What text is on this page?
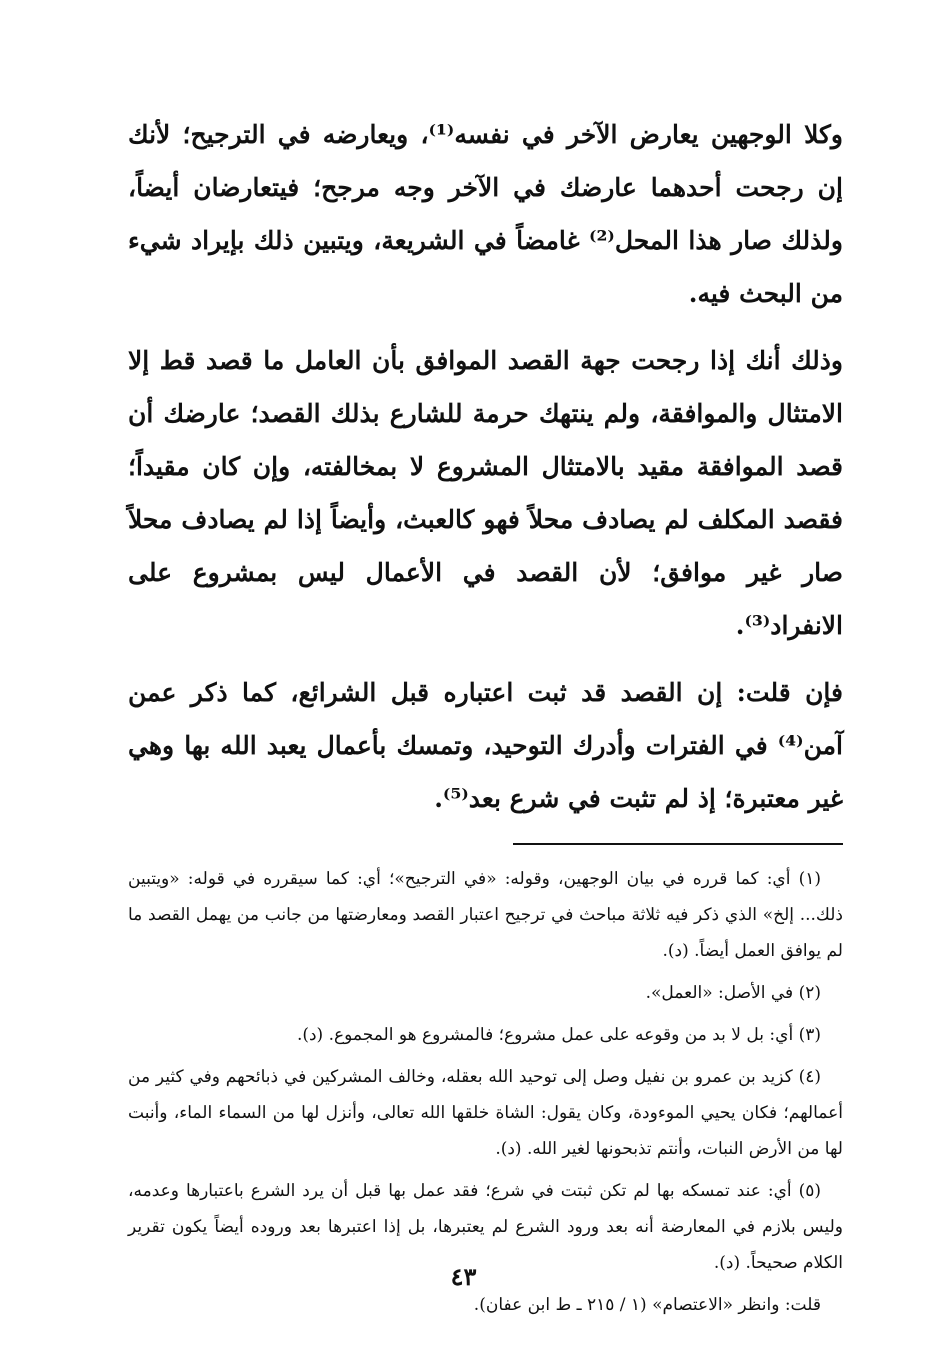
وكلا الوجهين يعارض الآخر في نفسه⁽¹⁾، ويعارضه في الترجيح؛ لأنك إن رجحت أحدهما عارضك في الآخر وجه مرجح؛ فيتعارضان أيضاً، ولذلك صار هذا المحل⁽²⁾ غامضاً في الشريعة، ويتبين ذلك بإيراد شيء من البحث فيه.

وذلك أنك إذا رجحت جهة القصد الموافق بأن العامل ما قصد قط إلا الامتثال والموافقة، ولم ينتهك حرمة للشارع بذلك القصد؛ عارضك أن قصد الموافقة مقيد بالامتثال المشروع لا بمخالفته، وإن كان مقيداً؛ فقصد المكلف لم يصادف محلاً فهو كالعبث، وأيضاً إذا لم يصادف محلاً صار غير موافق؛ لأن القصد في الأعمال ليس بمشروع على الانفراد⁽³⁾.

فإن قلت: إن القصد قد ثبت اعتباره قبل الشرائع، كما ذكر عمن آمن⁽⁴⁾ في الفترات وأدرك التوحيد، وتمسك بأعمال يعبد الله بها وهي غير معتبرة؛ إذ لم تثبت في شرع بعد⁽⁵⁾.

(١) أي: كما قرره في بيان الوجهين، وقوله: «في الترجيح»؛ أي: كما سيقرره في قوله: «ويتبين ذلك... إلخ» الذي ذكر فيه ثلاثة مباحث في ترجيح اعتبار القصد ومعارضتها من جانب من يهمل القصد ما لم يوافق العمل أيضاً. (د).

(٢) في الأصل: «العمل».

(٣) أي: بل لا بد من وقوعه على عمل مشروع؛ فالمشروع هو المجموع. (د).

(٤) كزيد بن عمرو بن نفيل وصل إلى توحيد الله بعقله، وخالف المشركين في ذبائحهم وفي كثير من أعمالهم؛ فكان يحيي الموءودة، وكان يقول: الشاة خلقها الله تعالى، وأنزل لها من السماء الماء، وأنبت لها من الأرض النبات، وأنتم تذبحونها لغير الله. (د).

(٥) أي: عند تمسكه بها لم تكن ثبتت في شرع؛ فقد عمل بها قبل أن يرد الشرع باعتبارها وعدمه، وليس بلازم في المعارضة أنه بعد ورود الشرع لم يعتبرها، بل إذا اعتبرها بعد وروده أيضاً يكون تقرير الكلام صحيحاً. (د).

قلت: وانظر «الاعتصام» (١ / ٢١٥ ـ ط ابن عفان).

٤٣
